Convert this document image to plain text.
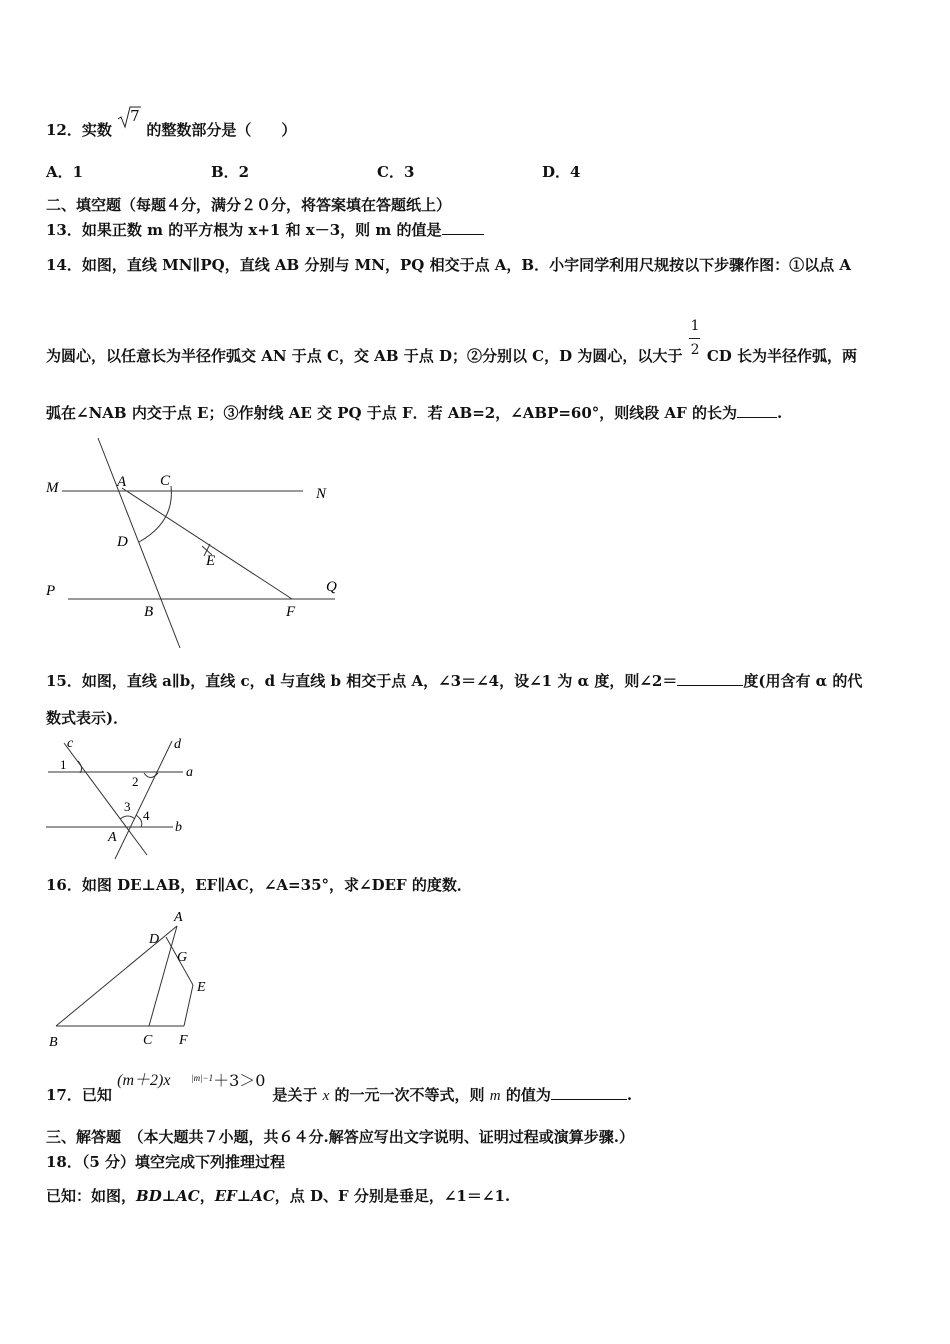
12．实数
7
的整数部分是（　　）
A．1	B．2	C．3	D．4
二、填空题（每题４分，满分２０分，将答案填在答题纸上）
13．如果正数 m 的平方根为 x+1 和 x－3，则 m 的值是
14．如图，直线 MN∥PQ，直线 AB 分别与 MN，PQ 相交于点 A，B．小宇同学利用尺规按以下步骤作图：①以点 A
为圆心，以任意长为半径作弧交 AN 于点 C，交 AB 于点 D；②分别以 C，D 为圆心，以大于 $\frac{1}{2}$ CD 长为半径作弧，两
弧在∠NAB 内交于点 E；③作射线 AE 交 PQ 于点 F．若 AB=2，∠ABP=60°，则线段 AF 的长为	.
M	N
A C
D
E
P	Q
B	F
15．如图，直线 a∥b，直线 c，d 与直线 b 相交于点 A，∠3＝∠4，设∠1 为 α 度，则∠2＝	度(用含有 α 的代
数式表示)．
c	d
a
b
1
2
3
4
A
16．如图 DE⊥AB，EF∥AC，∠A=35°，求∠DEF 的度数．
A
D
G
E
B	C F
17．已知
(m＋2)x |m|−1 ＋3＞0
是关于 x 的一元一次不等式，则 m 的值为	.
三、解答题　（本大题共７小题，共６４分.解答应写出文字说明、证明过程或演算步骤.）
18．（5 分）填空完成下列推理过程
已知：如图，BD⊥AC，EF⊥AC，点 D、F 分别是垂足，∠1＝∠1.
